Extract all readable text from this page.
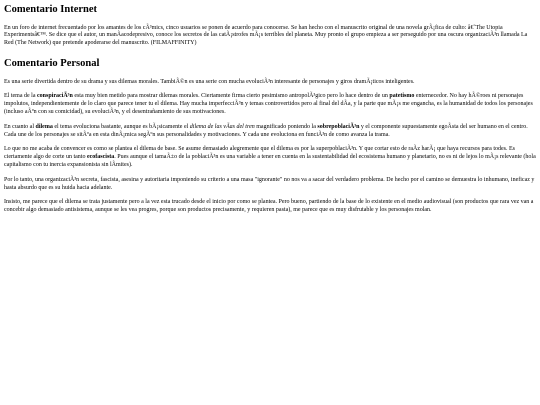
Comentario Internet

En un foro de internet frecuentado por los amantes de los cÃ³mics, cinco usuarios se ponen de acuerdo para conocerse. Se han hecho con el manuscrito original de una novela grÃ¡fica de culto: â€˜The Utopia Experimentsâ€™. Se dice que el autor, un manÃacodepresivo, conoce los secretos de las catÃ¡strofes mÃ¡s terribles del planeta. Muy pronto el grupo empieza a ser perseguido por una oscura organizaciÃ³n llamada La Red (The Network) que pretende apoderarse del manuscrito. (FILMAFFINITY)

Comentario Personal

Es una serie divertida dentro de su drama y sus dilemas morales. TambiÃ©n es una serie con mucha evoluciÃ³n interesante de personajes y giros dramÃ¡ticos inteligentes.

El tema de la conspiraciÃ³n esta muy bien metido para mostrar dilemas morales. Ciertamente firma cierto pesimismo antropolÃ³gico pero lo hace dentro de un patetismo enternecedor. No hay hÃ©roes ni personajes impolutos, independientemente de lo claro que parece tener tu el dilema. Hay mucha imperfecciÃ³n y temas controvertidos pero al final del dÃa, y la parte que mÃ¡s me engancha, es la humanidad de todos los personajes (incluso aÃºn con su comicidad), su evoluciÃ³n, y el desentrañamiento de sus motivaciones.

En cuanto al dilema el tema evoluciona bastante, aunque es bÃ¡sicamente el dilema de las vÃas del tren magnificado poniendo la sobrepoblaciÃ³n y el componente supuestamente egoÃsta del ser humano en el centro. Cada une de los personajes se sitÃºa en esta dinÃ¡mica segÃºn sus personalidades y motivaciones. Y cada une evoluciona en funciÃ³n de como avanza la trama.

Lo que no me acaba de convencer es como se plantea el dilema de base. Se asume demasiado alegremente que el dilema es por la superpoblaciÃ³n. Y que cortar esto de raÃz harÃ¡ que haya recursos para todes. Es ciertamente algo de corte un tanto ecofascista. Pues aunque el tamaÃ±o de la poblaciÃ³n es una variable a tener en cuenta en la sustentabilidad del ecosistema humano y planetario, no es ni de lejos lo mÃ¡s relevante (hola capitalismo con tu inercia expansionista sin lÃmites).

Por lo tanto, una organizaciÃ³n secreta, fascista, asesina y autoritaria imponiendo su criterio a una masa "ignorante" no nos va a sacar del verdadero problema. De hecho por el camino se demuestra lo inhumano, ineficaz y hasta absurdo que es su huida hacia adelante.

Insisto, me parece que el dilema se trata justamente pero a la vez esta trucado desde el inicio por como se plantea. Pero bueno, partiendo de la base de lo existente en el medio audiovisual (son productos que rara vez van a concebir algo demasiado antisistema, aunque se les vea progres, porque son productos precisamente, y requieren pasta), me parece que es muy disfrutable y los personajes molan.
